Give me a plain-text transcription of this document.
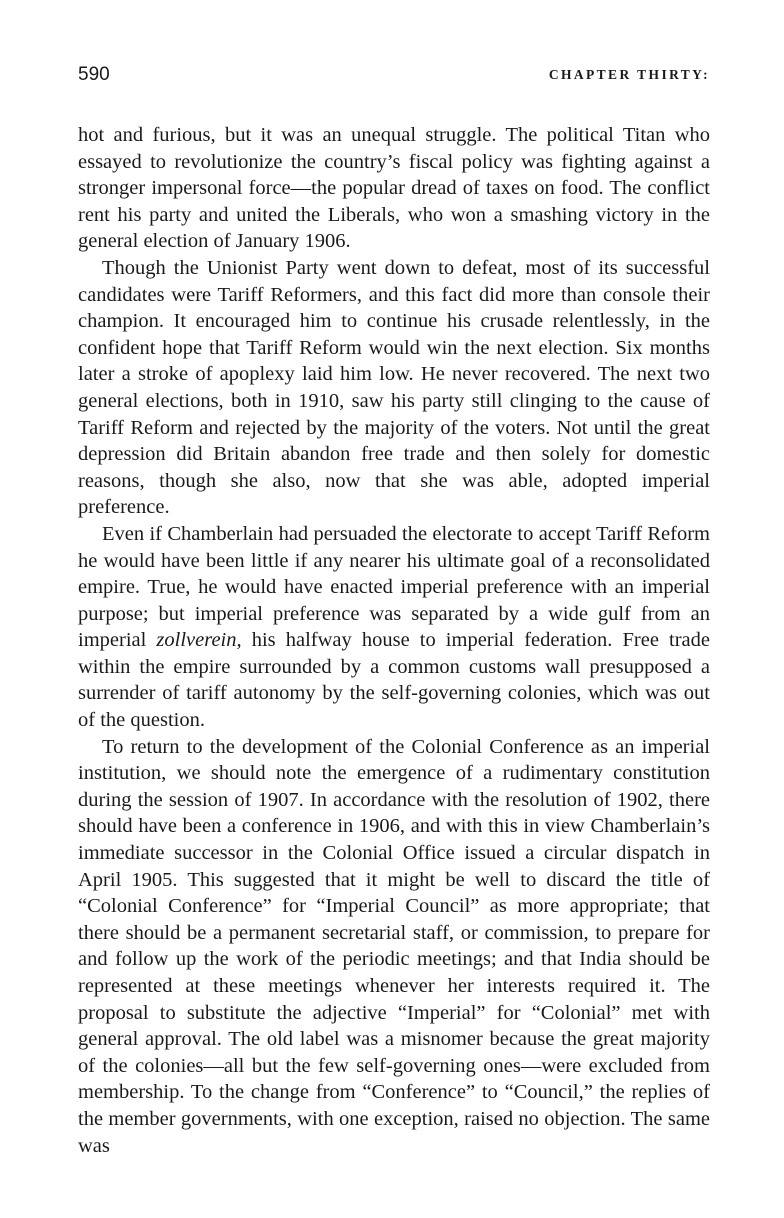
590	CHAPTER THIRTY:

hot and furious, but it was an unequal struggle. The political Titan who essayed to revolutionize the country’s fiscal policy was fighting against a stronger impersonal force—the popular dread of taxes on food. The conflict rent his party and united the Liberals, who won a smashing victory in the general election of January 1906.

Though the Unionist Party went down to defeat, most of its successful candidates were Tariff Reformers, and this fact did more than console their champion. It encouraged him to continue his crusade relentlessly, in the confident hope that Tariff Reform would win the next election. Six months later a stroke of apoplexy laid him low. He never recovered. The next two general elections, both in 1910, saw his party still clinging to the cause of Tariff Reform and rejected by the majority of the voters. Not until the great depression did Britain abandon free trade and then solely for domestic reasons, though she also, now that she was able, adopted imperial preference.

Even if Chamberlain had persuaded the electorate to accept Tariff Reform he would have been little if any nearer his ultimate goal of a reconsolidated empire. True, he would have enacted imperial preference with an imperial purpose; but imperial preference was separated by a wide gulf from an imperial zollverein, his halfway house to imperial federation. Free trade within the empire surrounded by a common customs wall presupposed a surrender of tariff autonomy by the self-governing colonies, which was out of the question.

To return to the development of the Colonial Conference as an imperial institution, we should note the emergence of a rudimentary constitution during the session of 1907. In accordance with the resolution of 1902, there should have been a conference in 1906, and with this in view Chamberlain’s immediate successor in the Colonial Office issued a circular dispatch in April 1905. This suggested that it might be well to discard the title of “Colonial Conference” for “Imperial Council” as more appropriate; that there should be a permanent secretarial staff, or commission, to prepare for and follow up the work of the periodic meetings; and that India should be represented at these meetings whenever her interests required it. The proposal to substitute the adjective “Imperial” for “Colonial” met with general approval. The old label was a misnomer because the great majority of the colonies—all but the few self-governing ones—were excluded from membership. To the change from “Conference” to “Council,” the replies of the member governments, with one exception, raised no objection. The same was
